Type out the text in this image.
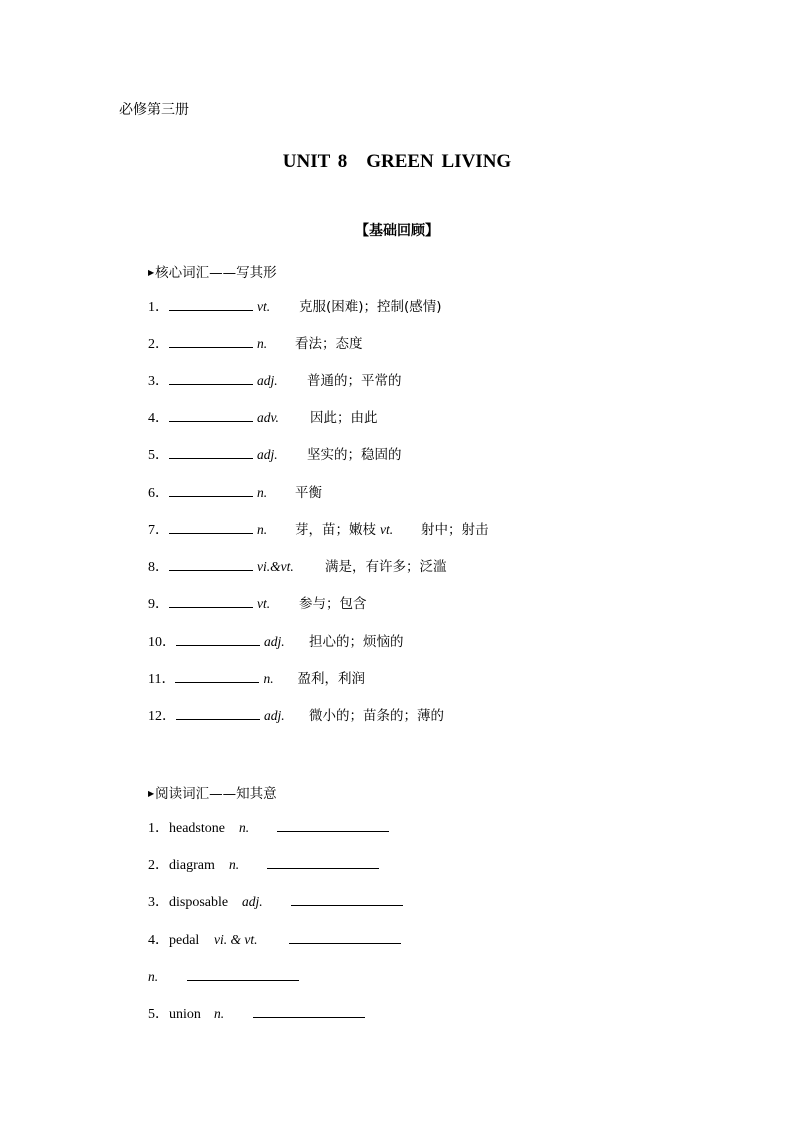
必修第三册
UNIT 8　GREEN LIVING
【基础回顾】
▶核心词汇——写其形
1．	vt.	克服(困难)；控制(感情)
2．	n.	看法；态度
3．	adj.	普通的；平常的
4．	adv.	因此；由此
5．	adj.	坚实的；稳固的
6．	n.	平衡
7．	n.	芽，苗；嫩枝 vt.	射中；射击
8．	vi.&vt.	满是，有许多；泛滥
9．	vt.	参与；包含
10．	adj.	担心的；烦恼的
11．	n.	盈利，利润
12．	adj.	微小的；苗条的；薄的
▶阅读词汇——知其意
1． headstone	n.
2． diagram	n.
3． disposable	adj.
4． pedal	vi. & vt.
n.
5． union n.
